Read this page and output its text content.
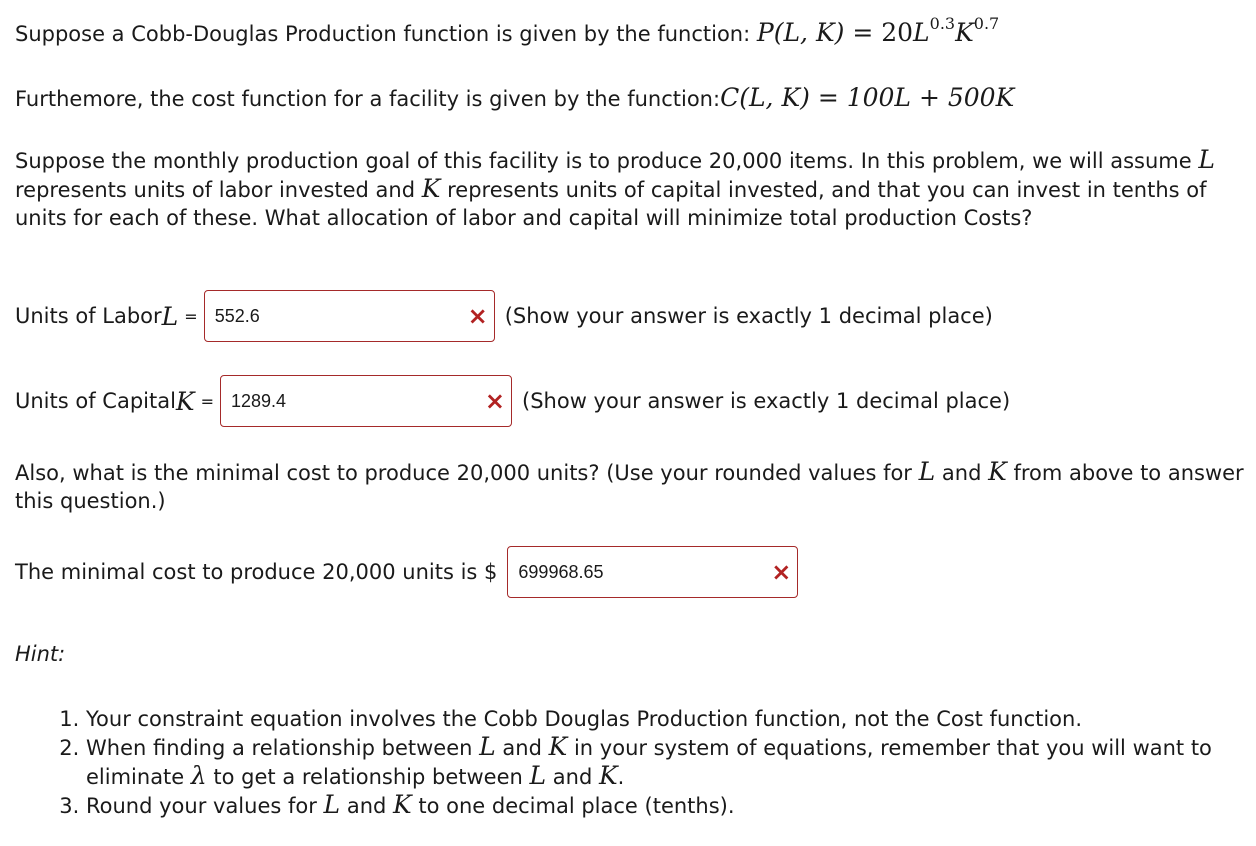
Suppose a Cobb-Douglas Production function is given by the function: P(L, $K) = 20L^{0.3}K^{0.7}$
Furthemore, the cost function for a facility is given by the function:C(L, K) = 100L + 500K
Suppose the monthly production goal of this facility is to produce 20,000 items. In this problem, we will assume L represents units of labor invested and K represents units of capital invested, and that you can invest in tenths of units for each of these. What allocation of labor and capital will minimize total production Costs?
Units of Labor L =
552.6	× (Show your answer is exactly 1 decimal place)
Units of Capital K =
1289.4	× (Show your answer is exactly 1 decimal place)
Also, what is the minimal cost to produce 20,000 units? (Use your rounded values for L and K from above to answer this question.)
The minimal cost to produce 20,000 units is $
699968.65	×
Hint:
1. Your constraint equation involves the Cobb Douglas Production function, not the Cost function.
2. When finding a relationship between L and K in your system of equations, remember that you will want to eliminate λ to get a relationship between L and K.
3. Round your values for L and K to one decimal place (tenths).
